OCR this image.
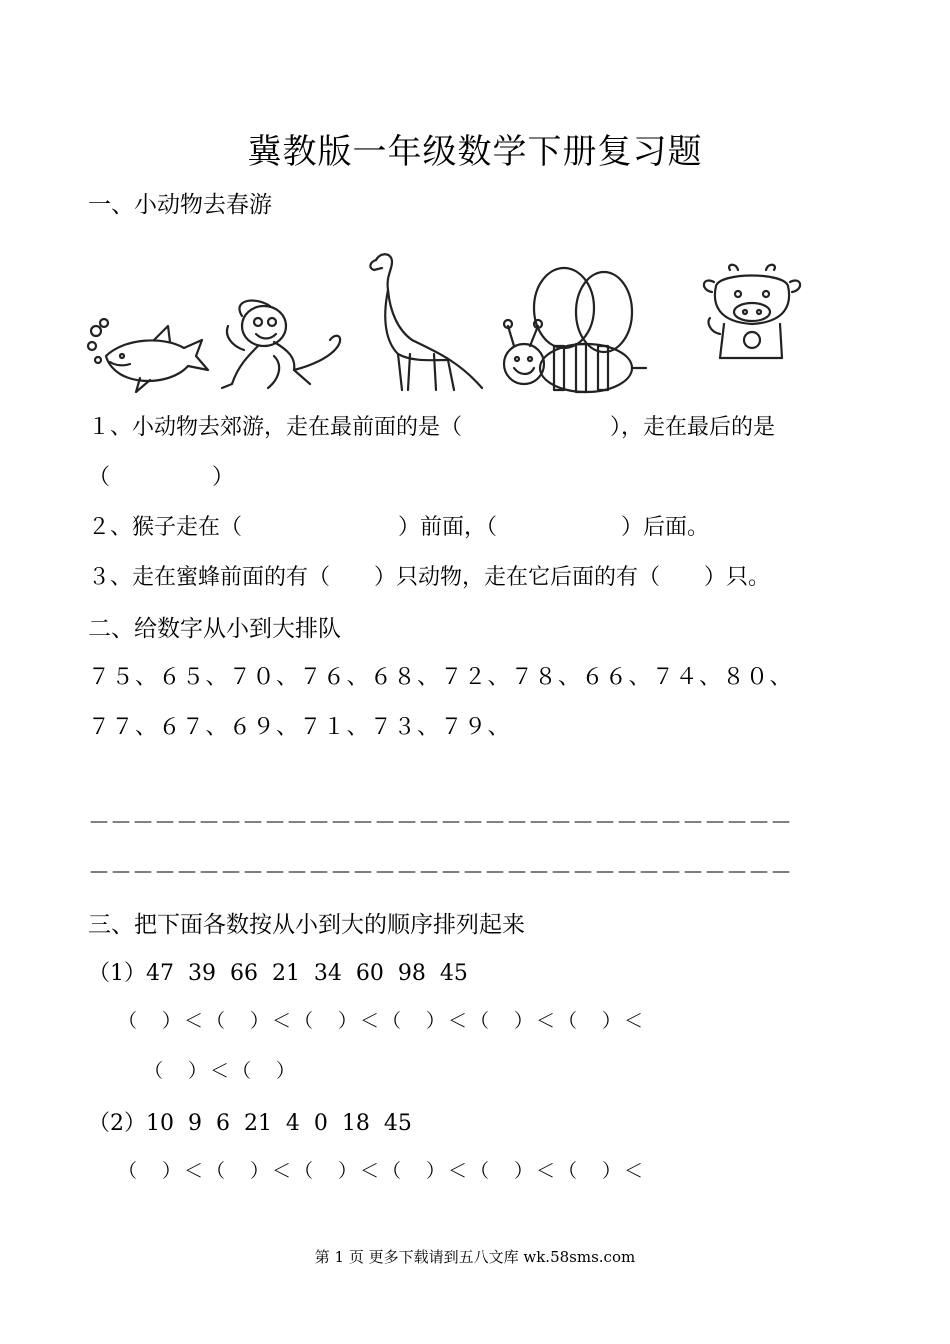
冀教版一年级数学下册复习题
一、小动物去春游
１、小动物去郊游，走在最前面的是（	），走在最后的是
（	）
２、猴子走在（	）前面，（	）后面。
３、走在蜜蜂前面的有（ ）只动物，走在它后面的有（ ）只。
二、给数字从小到大排队
７５、６５、７０、７６、６８、７２、７８、６６、７４、８０、
７７、６７、６９、７１、７３、７９、
－－－－－－－－－－－－－－－－－－－－－－－－－－－－－－－－
－－－－－－－－－－－－－－－－－－－－－－－－－－－－－－－－
三、把下面各数按从小到大的顺序排列起来
（1）47  39  66  21  34  60  98  45
（　）＜（　）＜（　）＜（　）＜（　）＜（　）＜
（　）＜（　）
（2）10  9  6  21  4  0  18  45
（　）＜（　）＜（　）＜（　）＜（　）＜（　）＜
第 1 页 更多下载请到五八文库 wk.58sms.com
